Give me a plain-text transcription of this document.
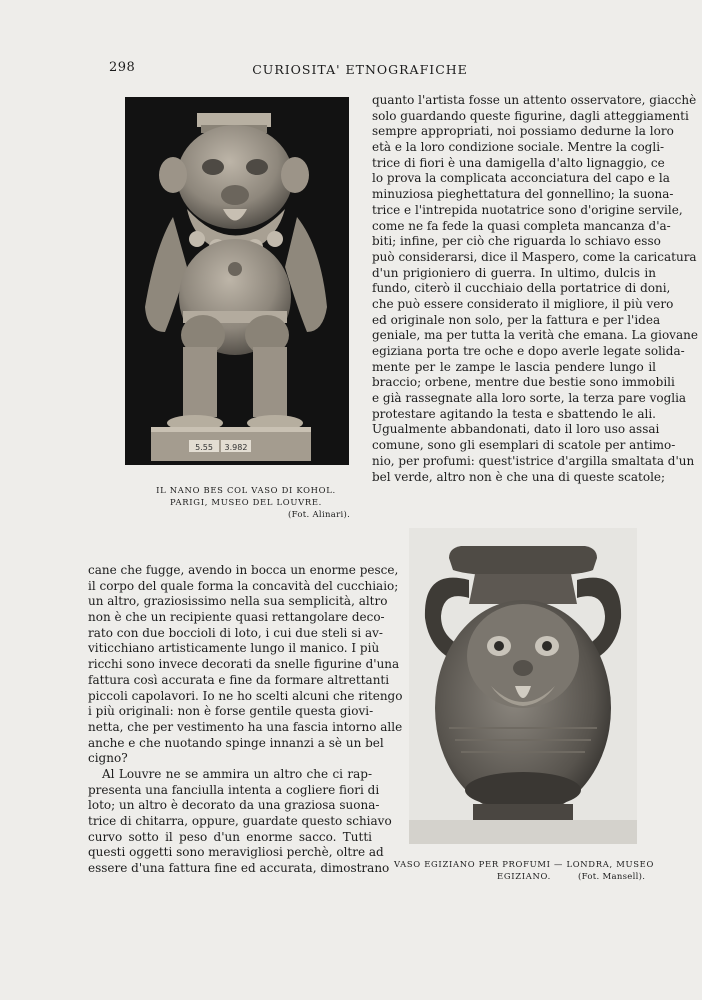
298	CURIOSITA' ETNOGRAFICHE
5.55 3.982
IL NANO BES COL VASO DI KOHOL.
PARIGI, MUSEO DEL LOUVRE.
(Fot. Alinari).
quanto l'artista fosse un attento osservatore, giacchè
solo guardando queste figurine, dagli atteggiamenti
sempre appropriati, noi possiamo dedurne la loro
età e la loro condizione sociale. Mentre la cogli-
trice di fiori è una damigella d'alto lignaggio, ce
lo prova la complicata acconciatura del capo e la
minuziosa pieghettatura del gonnellino; la suona-
trice e l'intrepida nuotatrice sono d'origine servile,
come ne fa fede la quasi completa mancanza d'a-
biti; infine, per ciò che riguarda lo schiavo esso
può considerarsi, dice il Maspero, come la caricatura
d'un prigioniero di guerra. In ultimo, dulcis in
fundo, citerò il cucchiaio della portatrice di doni,
che può essere considerato il migliore, il più vero
ed originale non solo, per la fattura e per l'idea
geniale, ma per tutta la verità che emana. La giovane
egiziana porta tre oche e dopo averle legate solida-
mente per le zampe le lascia pendere lungo il
braccio; orbene, mentre due bestie sono immobili
e già rassegnate alla loro sorte, la terza pare voglia
protestare agitando la testa e sbattendo le ali.
Ugualmente abbandonati, dato il loro uso assai
comune, sono gli esemplari di scatole per antimo-
nio, per profumi: quest'istrice d'argilla smaltata d'un
bel verde, altro non è che una di queste scatole;
cane che fugge, avendo in bocca un enorme pesce,
il corpo del quale forma la concavità del cucchiaio;
un altro, graziosissimo nella sua semplicità, altro
non è che un recipiente quasi rettangolare deco-
rato con due boccioli di loto, i cui due steli si av-
viticchiano artisticamente lungo il manico. I più
ricchi sono invece decorati da snelle figurine d'una
fattura così accurata e fine da formare altrettanti
piccoli capolavori. Io ne ho scelti alcuni che ritengo
i più originali: non è forse gentile questa giovi-
netta, che per vestimento ha una fascia intorno alle
anche e che nuotando spinge innanzi a sè un bel
cigno?
Al Louvre ne se ammira un altro che ci rap-
presenta una fanciulla intenta a cogliere fiori di
loto; un altro è decorato da una graziosa suona-
trice di chitarra, oppure, guardate questo schiavo
curvo sotto il peso d'un enorme sacco. Tutti
questi oggetti sono meravigliosi perchè, oltre ad
essere d'una fattura fine ed accurata, dimostrano VASO EGIZIANO PER PROFUMI — LONDRA, MUSEO EGIZIANO.	(Fot. Mansell).
